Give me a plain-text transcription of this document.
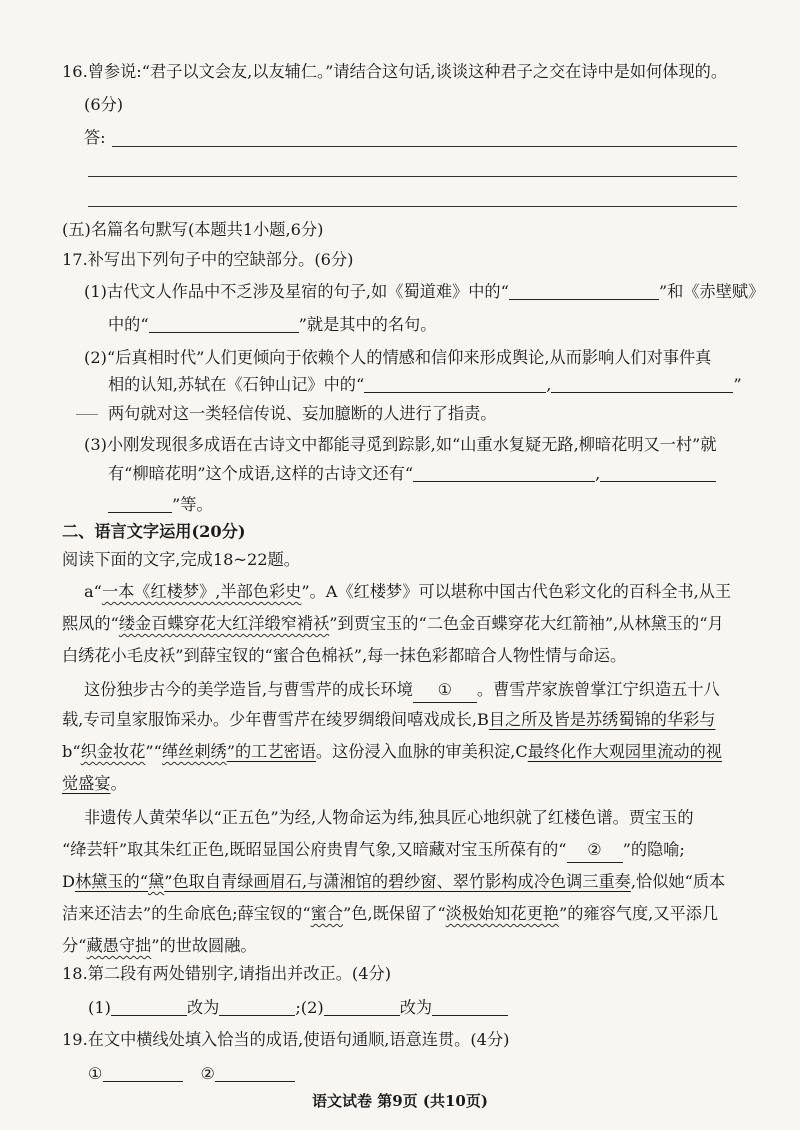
16.曾参说:“君子以文会友,以友辅仁。”请结合这句话,谈谈这种君子之交在诗中是如何体现的。
(6分)
答:
(五)名篇名句默写(本题共1小题,6分)
17.补写出下列句子中的空缺部分。(6分)
(1)古代文人作品中不乏涉及星宿的句子,如《蜀道难》中的“	”和《赤壁赋》
中的“	”就是其中的名句。
(2)“后真相时代”人们更倾向于依赖个人的情感和信仰来形成舆论,从而影响人们对事件真
相的认知,苏轼在《石钟山记》中的“	,	”
两句就对这一类轻信传说、妄加臆断的人进行了指责。
(3)小刚发现很多成语在古诗文中都能寻觅到踪影,如“山重水复疑无路,柳暗花明又一村”就
有“柳暗花明”这个成语,这样的古诗文还有“	,
”等。
二、语言文字运用(20分)
阅读下面的文字,完成18~22题。
a“一本《红楼梦》,半部色彩史”。A《红楼梦》可以堪称中国古代色彩文化的百科全书,从王
熙凤的“缕金百蝶穿花大红洋缎窄褙袄”到贾宝玉的“二色金百蝶穿花大红箭袖”,从林黛玉的“月
白绣花小毛皮袄”到薛宝钗的“蜜合色棉袄”,每一抹色彩都暗合人物性情与命运。
这份独步古今的美学造旨,与曹雪芹的成长环境 ① 。曹雪芹家族曾掌江宁织造五十八
载,专司皇家服饰采办。少年曹雪芹在绫罗绸缎间嘻戏成长,B目之所及皆是苏绣蜀锦的华彩与
b“织金妆花”“缂丝刺绣”的工艺密语。这份浸入血脉的审美积淀,C最终化作大观园里流动的视
觉盛宴。
非遗传人黄荣华以“正五色”为经,人物命运为纬,独具匠心地织就了红楼色谱。贾宝玉的
“绛芸轩”取其朱红正色,既昭显国公府贵胄气象,又暗藏对宝玉所葆有的“ ② ”的隐喻;
D林黛玉的“黛”色取自青绿画眉石,与潇湘馆的碧纱窗、翠竹影构成冷色调三重奏,恰似她“质本
洁来还洁去”的生命底色;薛宝钗的“蜜合”色,既保留了“淡极始知花更艳”的雍容气度,又平添几
分“藏愚守拙”的世故圆融。
18.第二段有两处错别字,请指出并改正。(4分)
(1)	改为	;(2)	改为
19.在文中横线处填入恰当的成语,使语句通顺,语意连贯。(4分)
①	②
语文试卷 第9页 (共10页)
